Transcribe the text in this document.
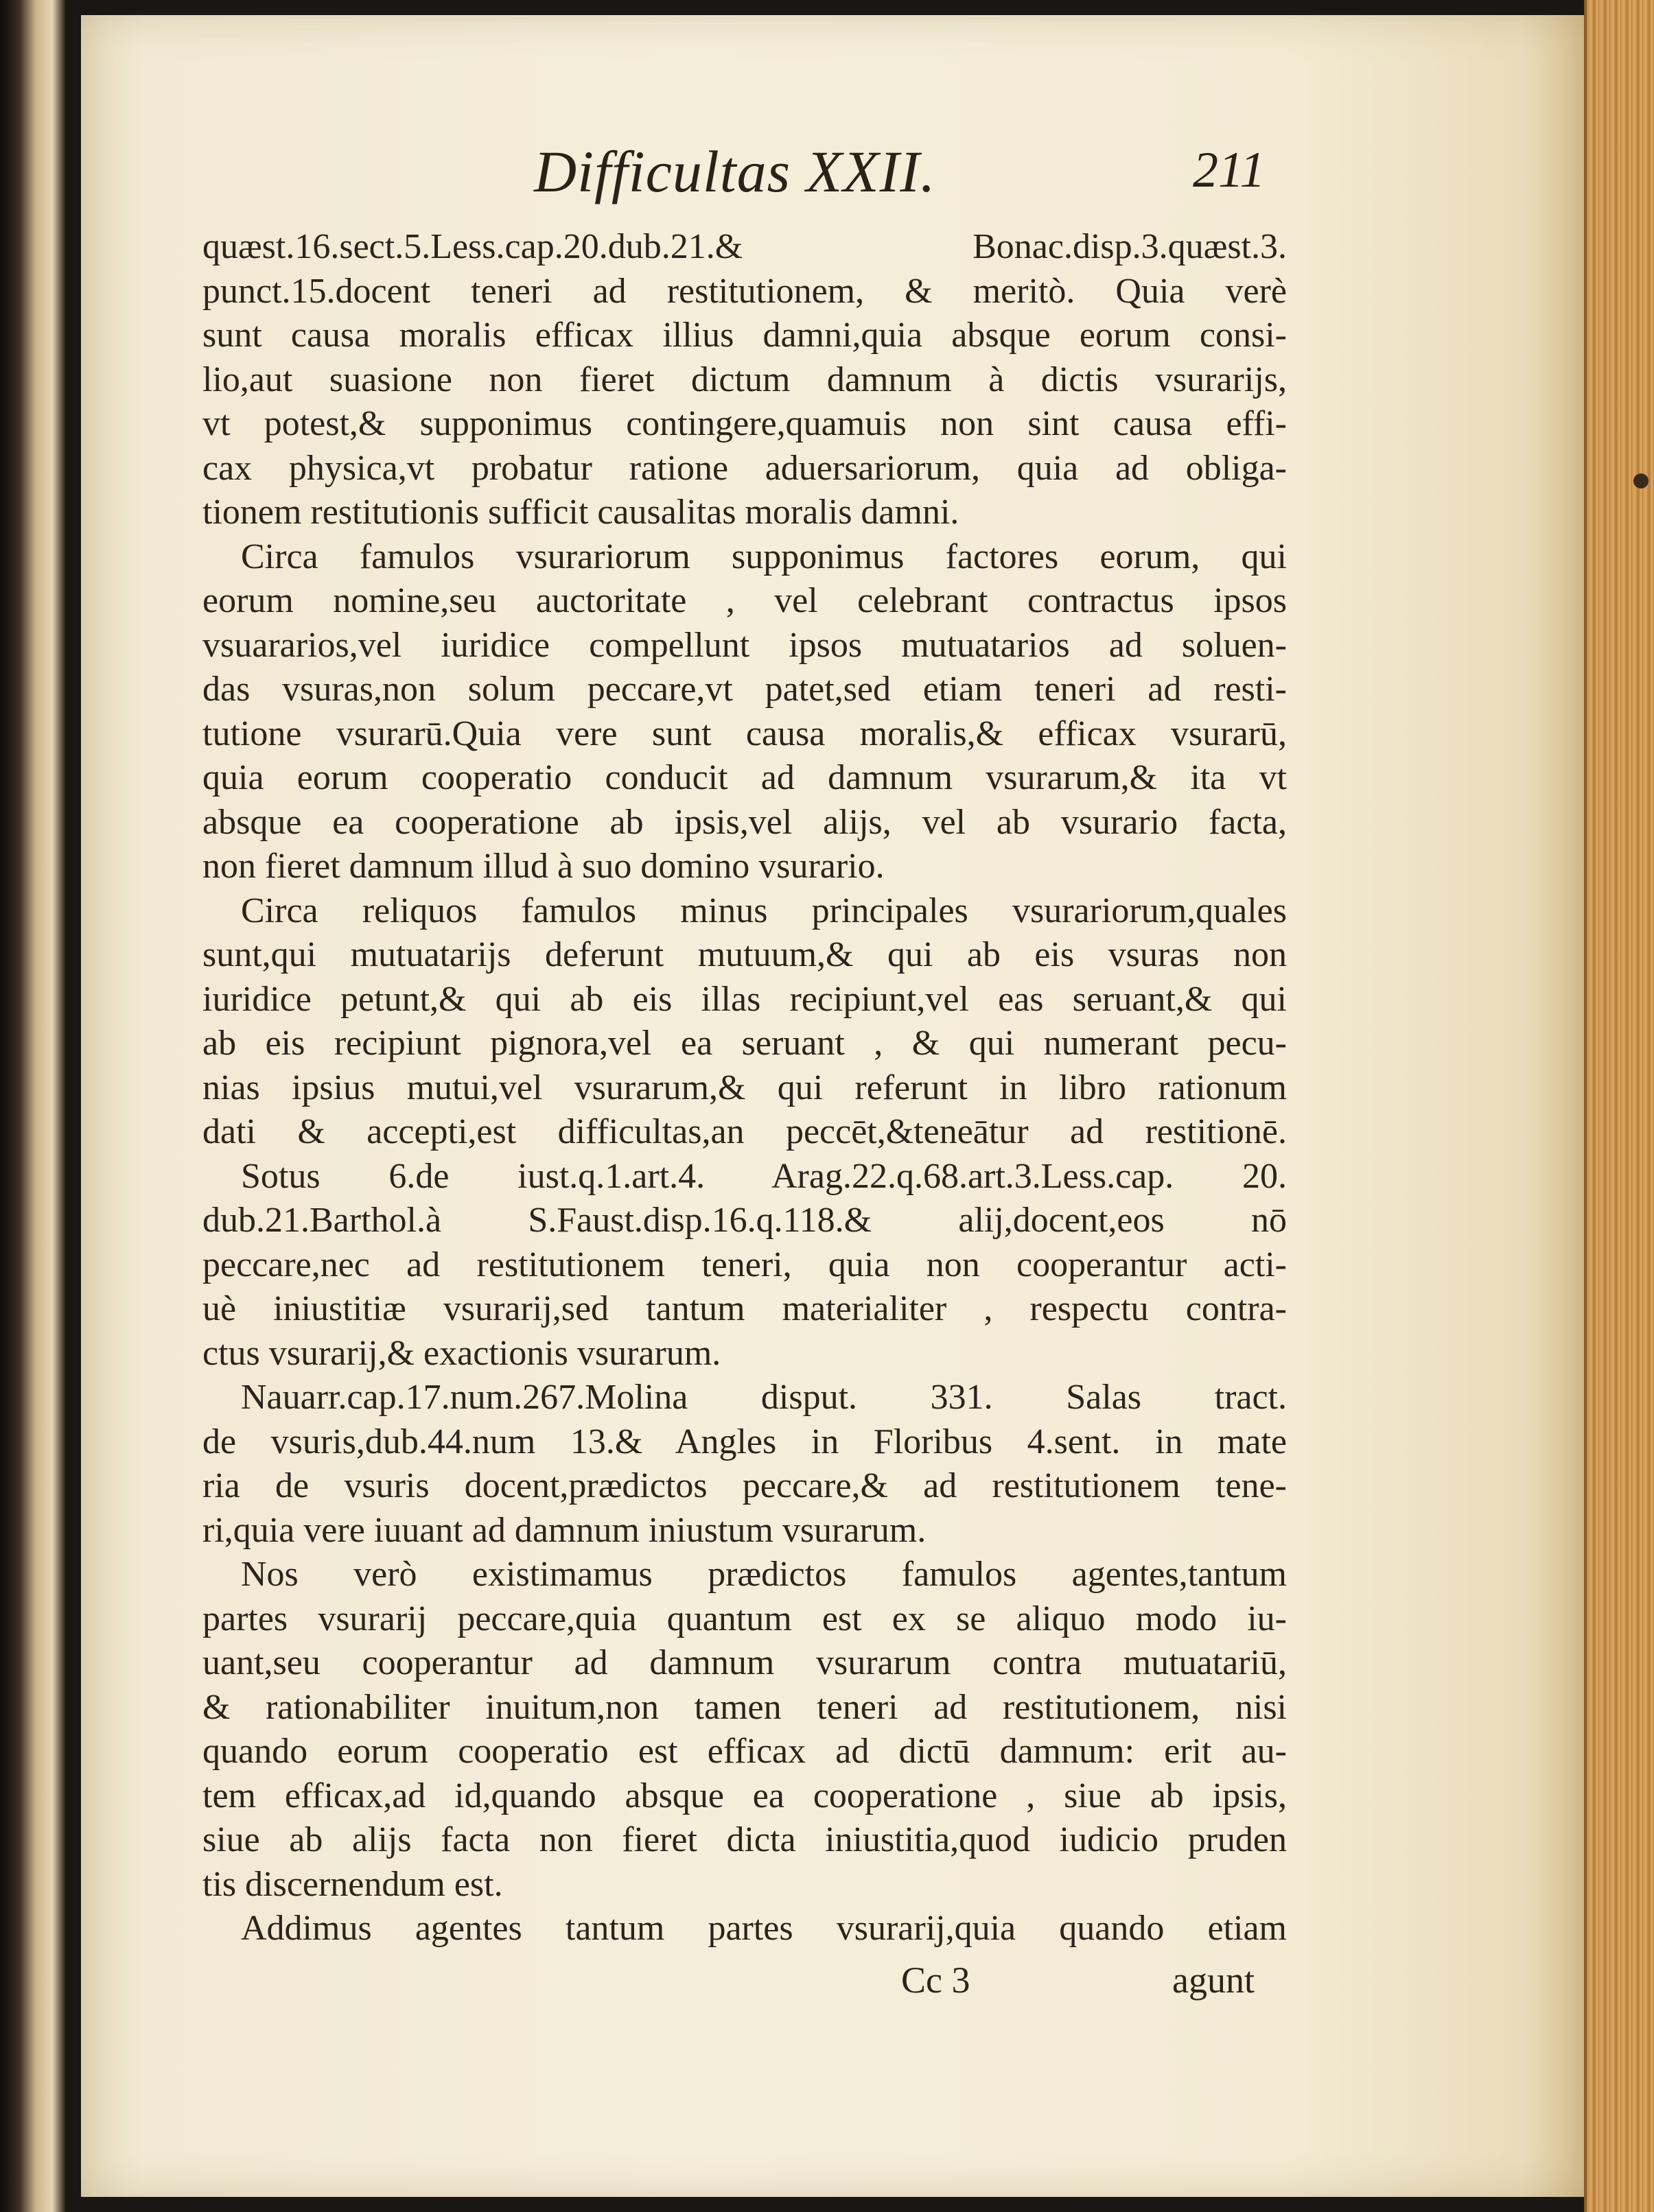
Difficultas XXII.	211
quæst.16.sect.5.Less.cap.20.dub.21.& Bonac.disp.3.quæst.3.
punct.15.docent teneri ad restitutionem, & meritò. Quia verè
sunt causa moralis efficax illius damni,quia absque eorum consi-
lio,aut suasione non fieret dictum damnum à dictis vsurarijs,
vt potest,& supponimus contingere,quamuis non sint causa effi-
cax physica,vt probatur ratione aduersariorum, quia ad obliga-
tionem restitutionis sufficit causalitas moralis damni.
Circa famulos vsurariorum supponimus factores eorum, qui
eorum nomine,seu auctoritate , vel celebrant contractus ipsos
vsuararios,vel iuridice compellunt ipsos mutuatarios ad soluen-
das vsuras,non solum peccare,vt patet,sed etiam teneri ad resti-
tutione vsurarū.Quia vere sunt causa moralis,& efficax vsurarū,
quia eorum cooperatio conducit ad damnum vsurarum,& ita vt
absque ea cooperatione ab ipsis,vel alijs, vel ab vsurario facta,
non fieret damnum illud à suo domino vsurario.
Circa reliquos famulos minus principales vsurariorum,quales
sunt,qui mutuatarijs deferunt mutuum,& qui ab eis vsuras non
iuridice petunt,& qui ab eis illas recipiunt,vel eas seruant,& qui
ab eis recipiunt pignora,vel ea seruant , & qui numerant pecu-
nias ipsius mutui,vel vsurarum,& qui referunt in libro rationum
dati & accepti,est difficultas,an peccēt,&teneātur ad restitionē.
Sotus 6.de iust.q.1.art.4. Arag.22.q.68.art.3.Less.cap. 20.
dub.21.Barthol.à S.Faust.disp.16.q.118.& alij,docent,eos nō
peccare,nec ad restitutionem teneri, quia non cooperantur acti-
uè iniustitiæ vsurarij,sed tantum materialiter , respectu contra-
ctus vsurarij,& exactionis vsurarum.
Nauarr.cap.17.num.267.Molina disput. 331. Salas tract.
de vsuris,dub.44.num 13.& Angles in Floribus 4.sent. in mate
ria de vsuris docent,prædictos peccare,& ad restitutionem tene-
ri,quia vere iuuant ad damnum iniustum vsurarum.
Nos verò existimamus prædictos famulos agentes,tantum
partes vsurarij peccare,quia quantum est ex se aliquo modo iu-
uant,seu cooperantur ad damnum vsurarum contra mutuatariū,
& rationabiliter inuitum,non tamen teneri ad restitutionem, nisi
quando eorum cooperatio est efficax ad dictū damnum: erit au-
tem efficax,ad id,quando absque ea cooperatione , siue ab ipsis,
siue ab alijs facta non fieret dicta iniustitia,quod iudicio pruden
tis discernendum est.
Addimus agentes tantum partes vsurarij,quia quando etiam
Cc 3	agunt
